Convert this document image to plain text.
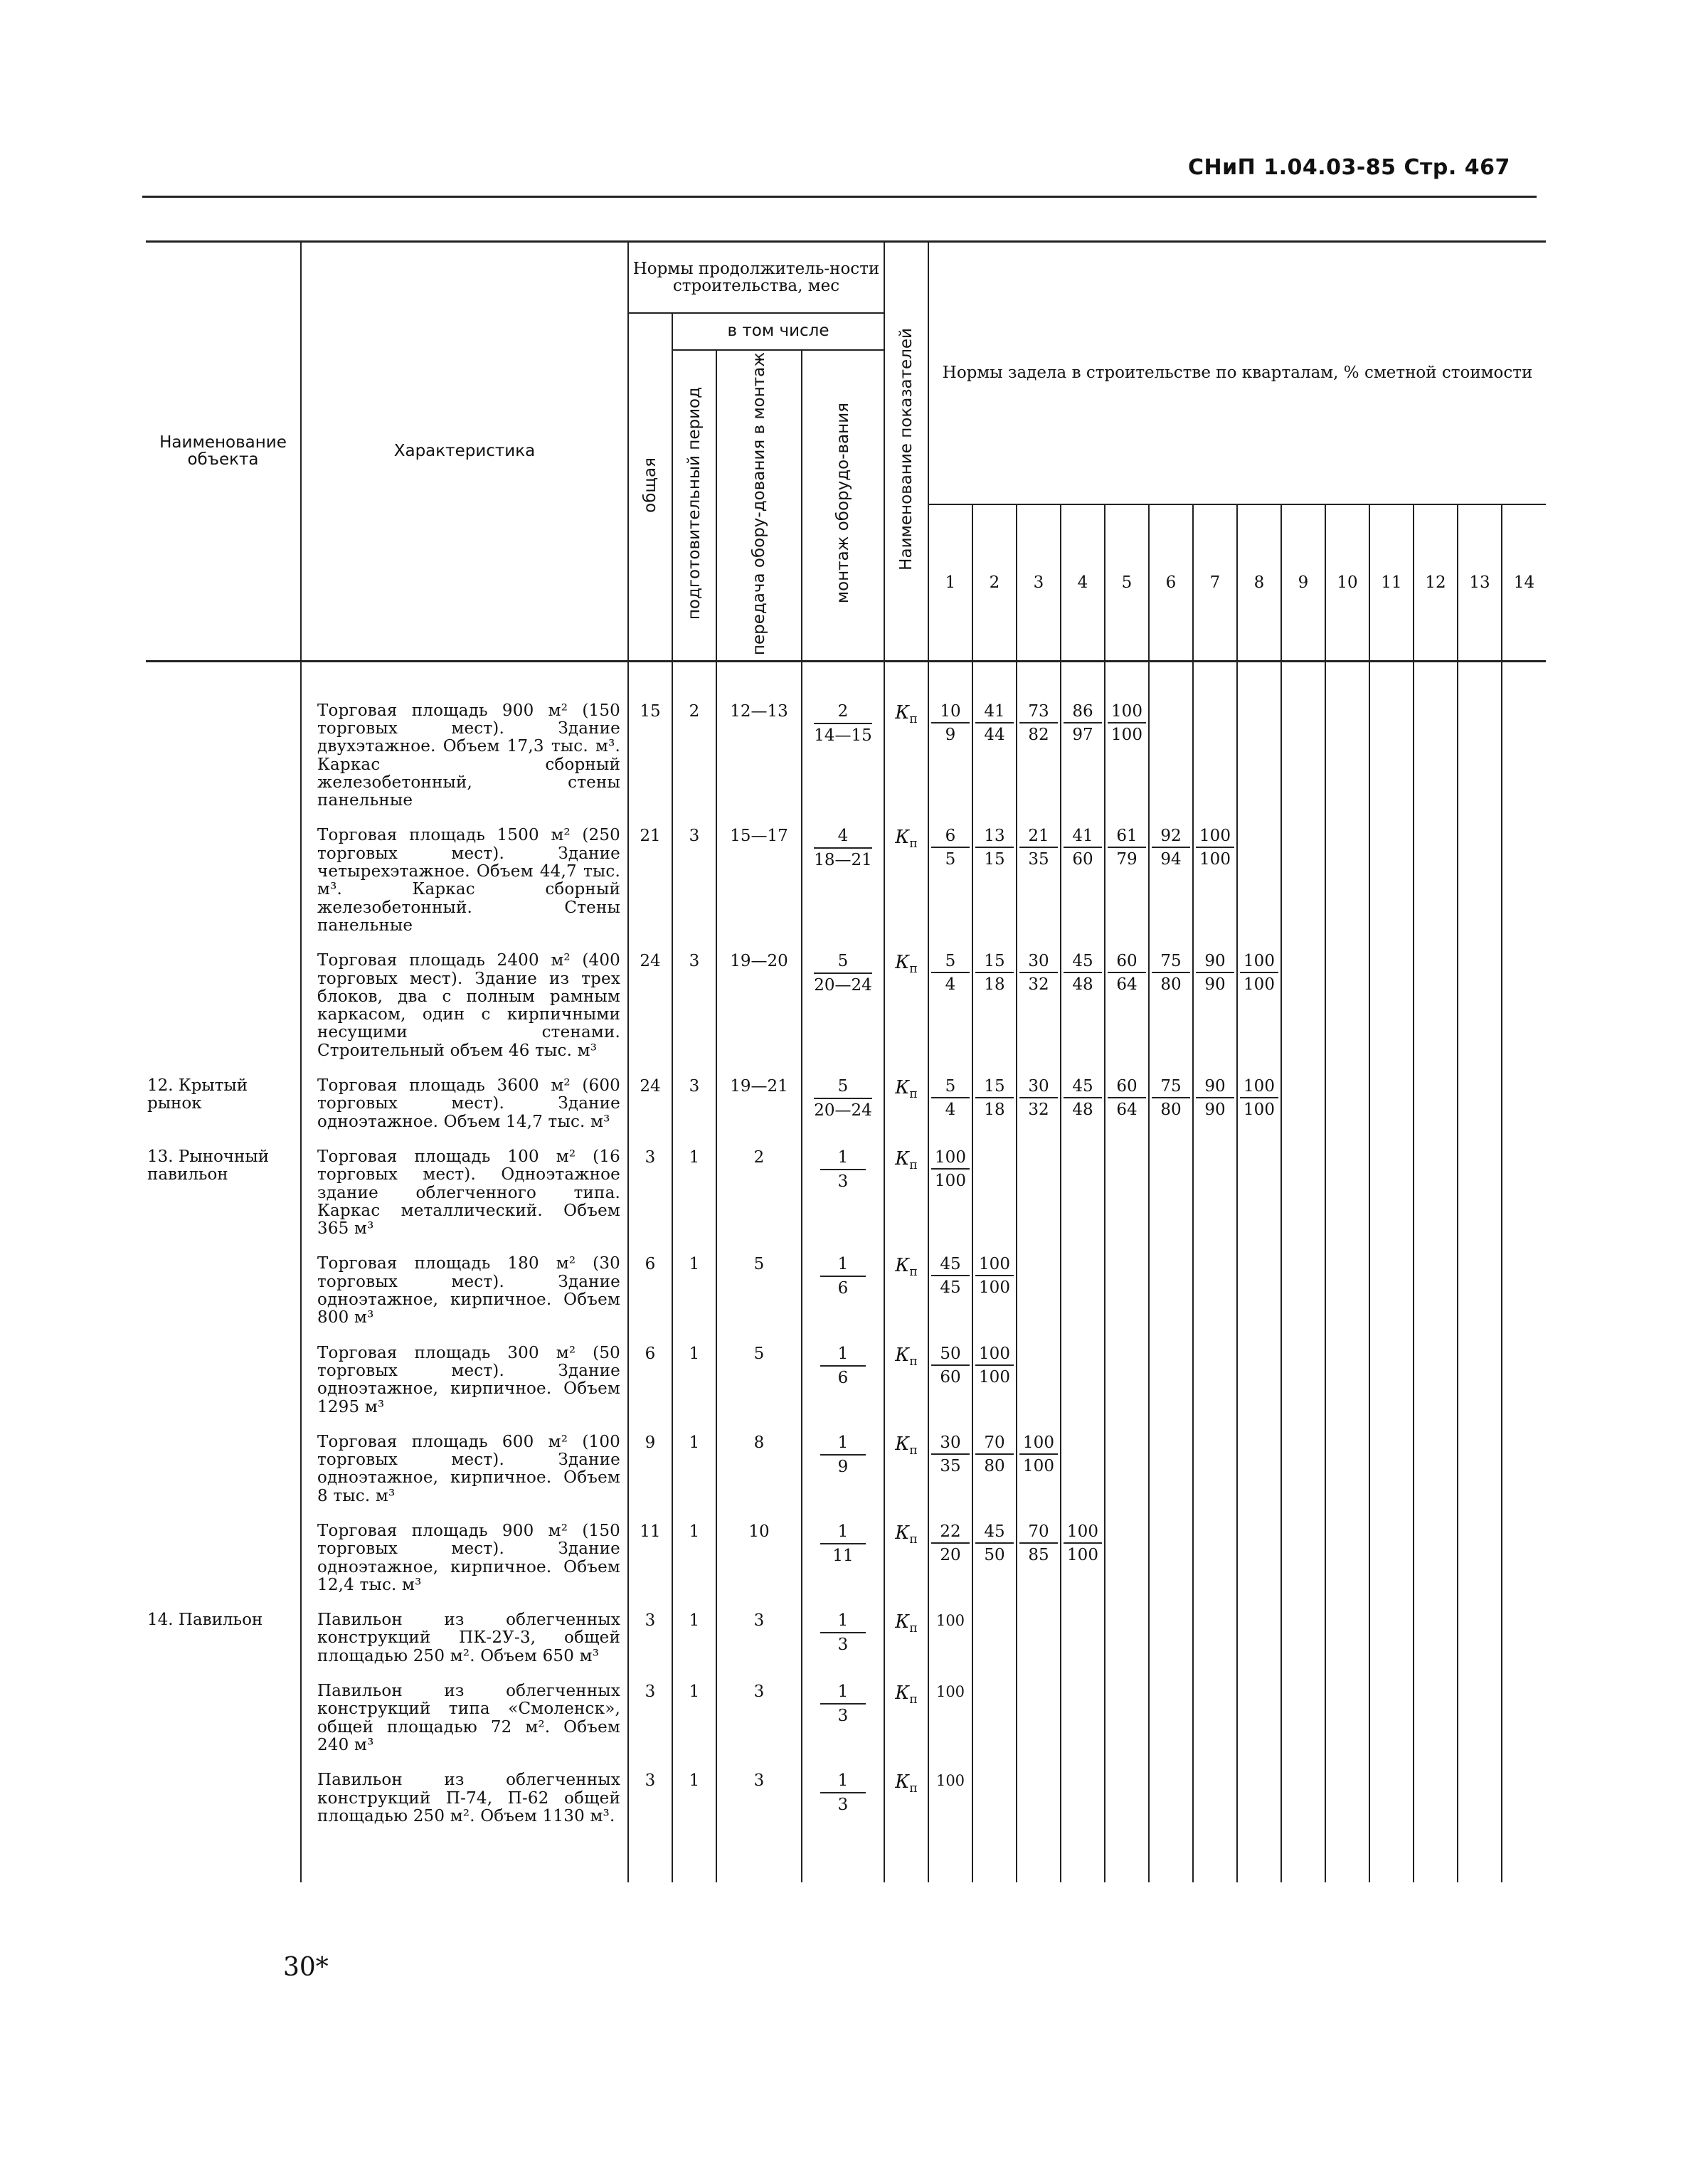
СНиП 1.04.03-85 Стр. 467
Наименование объекта	Характеристика	Нормы продолжитель-ности строительства, мес				Наименование показателей	Нормы задела в строительстве по кварталам, % сметной стоимости													
		общая	в том числе																	
			подготовительный период	передача обору-дования в монтаж	монтаж оборудо-вания															
							1	2	3	4	5	6	7	8	9	10	11	12	13	14
	Торговая площадь 900 м² (150 торговых мест). Здание двухэтажное. Объем 17,3 тыс. м³. Каркас сборный железобетонный, стены панельные	15	2	12—13	$\frac{2}{14—15}$	$К_п$	$\frac{10}{9}$	$\frac{41}{44}$	$\frac{73}{82}$	$\frac{86}{97}$	$\frac{100}{100}$

	Торговая площадь 1500 м² (250 торговых мест). Здание четырехэтажное. Объем 44,7 тыс. м³. Каркас сборный железобетонный. Стены панельные	21	3	15—17	$\frac{4}{18—21}$	$К_п$	$\frac{6}{5}$	$\frac{13}{15}$	$\frac{21}{35}$	$\frac{41}{60}$	$\frac{61}{79}$	$\frac{92}{94}$	$\frac{100}{100}$

	Торговая площадь 2400 м² (400 торговых мест). Здание из трех блоков, два с полным рамным каркасом, один с кирпичными несущими стенами. Строительный объем 46 тыс. м³	24	3	19—20	$\frac{5}{20—24}$	$К_п$	$\frac{5}{4}$	$\frac{15}{18}$	$\frac{30}{32}$	$\frac{45}{48}$	$\frac{60}{64}$	$\frac{75}{80}$	$\frac{90}{90}$	$\frac{100}{100}$

12. Крытый рынок	Торговая площадь 3600 м² (600 торговых мест). Здание одноэтажное. Объем 14,7 тыс. м³	24	3	19—21	$\frac{5}{20—24}$	$К_п$	$\frac{5}{4}$	$\frac{15}{18}$	$\frac{30}{32}$	$\frac{45}{48}$	$\frac{60}{64}$	$\frac{75}{80}$	$\frac{90}{90}$	$\frac{100}{100}$

13. Рыночный павильон	Торговая площадь 100 м² (16 торговых мест). Одноэтажное здание облегченного типа. Каркас металлический. Объем 365 м³	3	1	2	$\frac{1}{3}$	$К_п$	$\frac{100}{100}$

	Торговая площадь 180 м² (30 торговых мест). Здание одноэтажное, кирпичное. Объем 800 м³	6	1	5	$\frac{1}{6}$	$К_п$	$\frac{45}{45}$	$\frac{100}{100}$

	Торговая площадь 300 м² (50 торговых мест). Здание одноэтажное, кирпичное. Объем 1295 м³	6	1	5	$\frac{1}{6}$	$К_п$	$\frac{50}{60}$	$\frac{100}{100}$

	Торговая площадь 600 м² (100 торговых мест). Здание одноэтажное, кирпичное. Объем 8 тыс. м³	9	1	8	$\frac{1}{9}$	$К_п$	$\frac{30}{35}$	$\frac{70}{80}$	$\frac{100}{100}$

	Торговая площадь 900 м² (150 торговых мест). Здание одноэтажное, кирпичное. Объем 12,4 тыс. м³	11	1	10	$\frac{1}{11}$	$К_п$	$\frac{22}{20}$	$\frac{45}{50}$	$\frac{70}{85}$	$\frac{100}{100}$

14. Павильон	Павильон из облегченных конструкций ПК-2У-3, общей площадью 250 м². Объем 650 м³	3	1	3	$\frac{1}{3}$	$К_п$	100													
	Павильон из облегченных конструкций типа «Смоленск», общей площадью 72 м². Объем 240 м³	3	1	3	$\frac{1}{3}$	$К_п$	100													
	Павильон из облегченных конструкций П-74, П-62 общей площадью 250 м². Объем 1130 м³.	3	1	3	$\frac{1}{3}$	$К_п$	100													
30*
